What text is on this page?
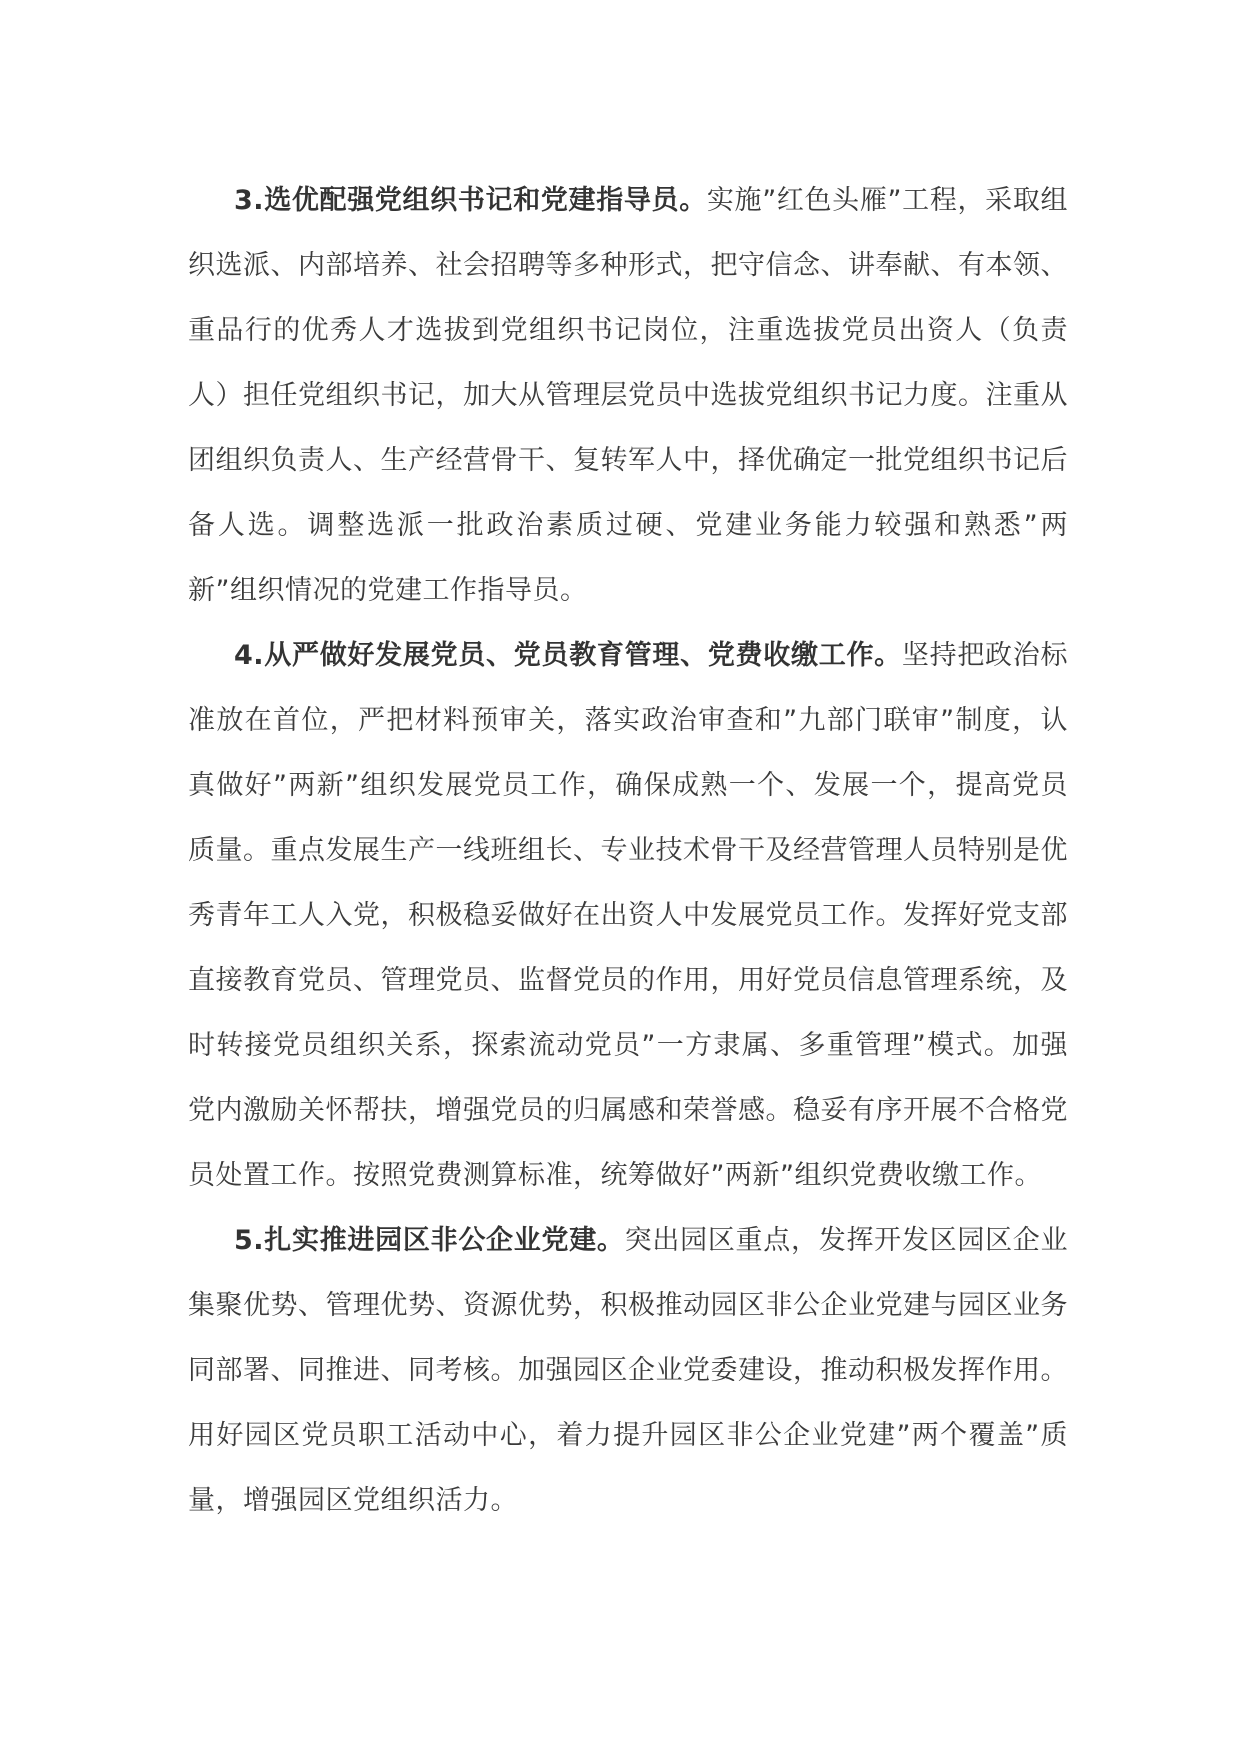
3.选优配强党组织书记和党建指导员。实施”红色头雁”工程，采取组织选派、内部培养、社会招聘等多种形式，把守信念、讲奉献、有本领、重品行的优秀人才选拔到党组织书记岗位，注重选拔党员出资人（负责人）担任党组织书记，加大从管理层党员中选拔党组织书记力度。注重从团组织负责人、生产经营骨干、复转军人中，择优确定一批党组织书记后备人选。调整选派一批政治素质过硬、党建业务能力较强和熟悉”两新”组织情况的党建工作指导员。

4.从严做好发展党员、党员教育管理、党费收缴工作。坚持把政治标准放在首位，严把材料预审关，落实政治审查和”九部门联审”制度，认真做好”两新”组织发展党员工作，确保成熟一个、发展一个，提高党员质量。重点发展生产一线班组长、专业技术骨干及经营管理人员特别是优秀青年工人入党，积极稳妥做好在出资人中发展党员工作。发挥好党支部直接教育党员、管理党员、监督党员的作用，用好党员信息管理系统，及时转接党员组织关系，探索流动党员”一方隶属、多重管理”模式。加强党内激励关怀帮扶，增强党员的归属感和荣誉感。稳妥有序开展不合格党员处置工作。按照党费测算标准，统筹做好”两新”组织党费收缴工作。

5.扎实推进园区非公企业党建。突出园区重点，发挥开发区园区企业集聚优势、管理优势、资源优势，积极推动园区非公企业党建与园区业务同部署、同推进、同考核。加强园区企业党委建设，推动积极发挥作用。用好园区党员职工活动中心，着力提升园区非公企业党建”两个覆盖”质量，增强园区党组织活力。
